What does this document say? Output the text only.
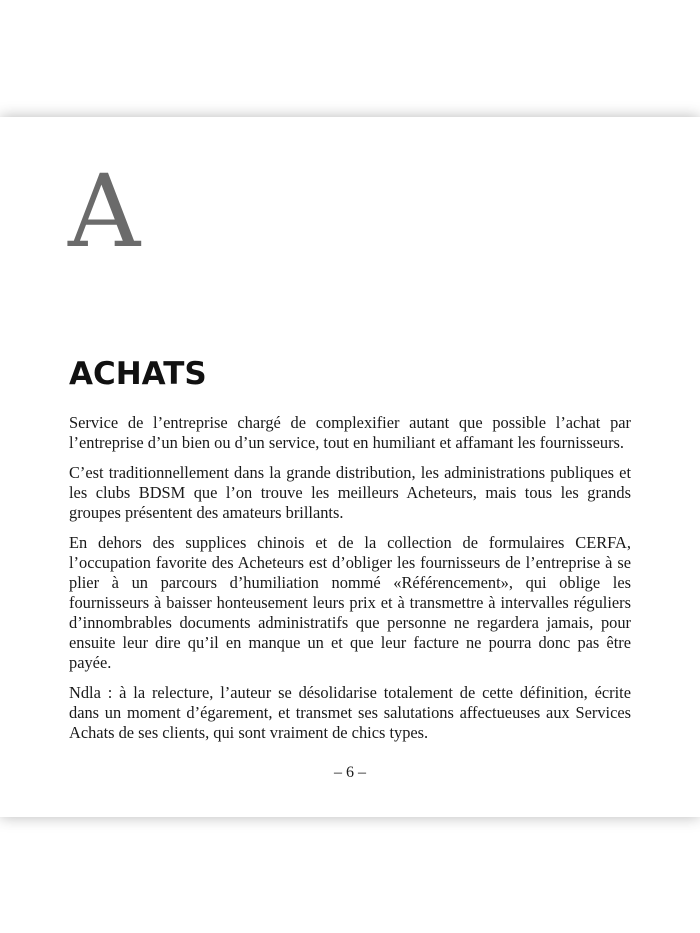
A
ACHATS

Service de l’entreprise chargé de complexifier autant que possible l’achat par l’entreprise d’un bien ou d’un service, tout en humiliant et affamant les fournisseurs.

C’est traditionnellement dans la grande distribution, les administrations publiques et les clubs BDSM que l’on trouve les meilleurs Acheteurs, mais tous les grands groupes présentent des amateurs brillants.

En dehors des supplices chinois et de la collection de formulaires CERFA, l’occupation favorite des Acheteurs est d’obliger les fournisseurs de l’entreprise à se plier à un parcours d’humiliation nommé «Référencement», qui oblige les fournisseurs à baisser honteusement leurs prix et à transmettre à intervalles réguliers d’innombrables documents administratifs que personne ne regardera jamais, pour ensuite leur dire qu’il en manque un et que leur facture ne pourra donc pas être payée.

Ndla : à la relecture, l’auteur se désolidarise totalement de cette définition, écrite dans un moment d’égarement, et transmet ses salutations affectueuses aux Services Achats de ses clients, qui sont vraiment de chics types.

– 6 –
